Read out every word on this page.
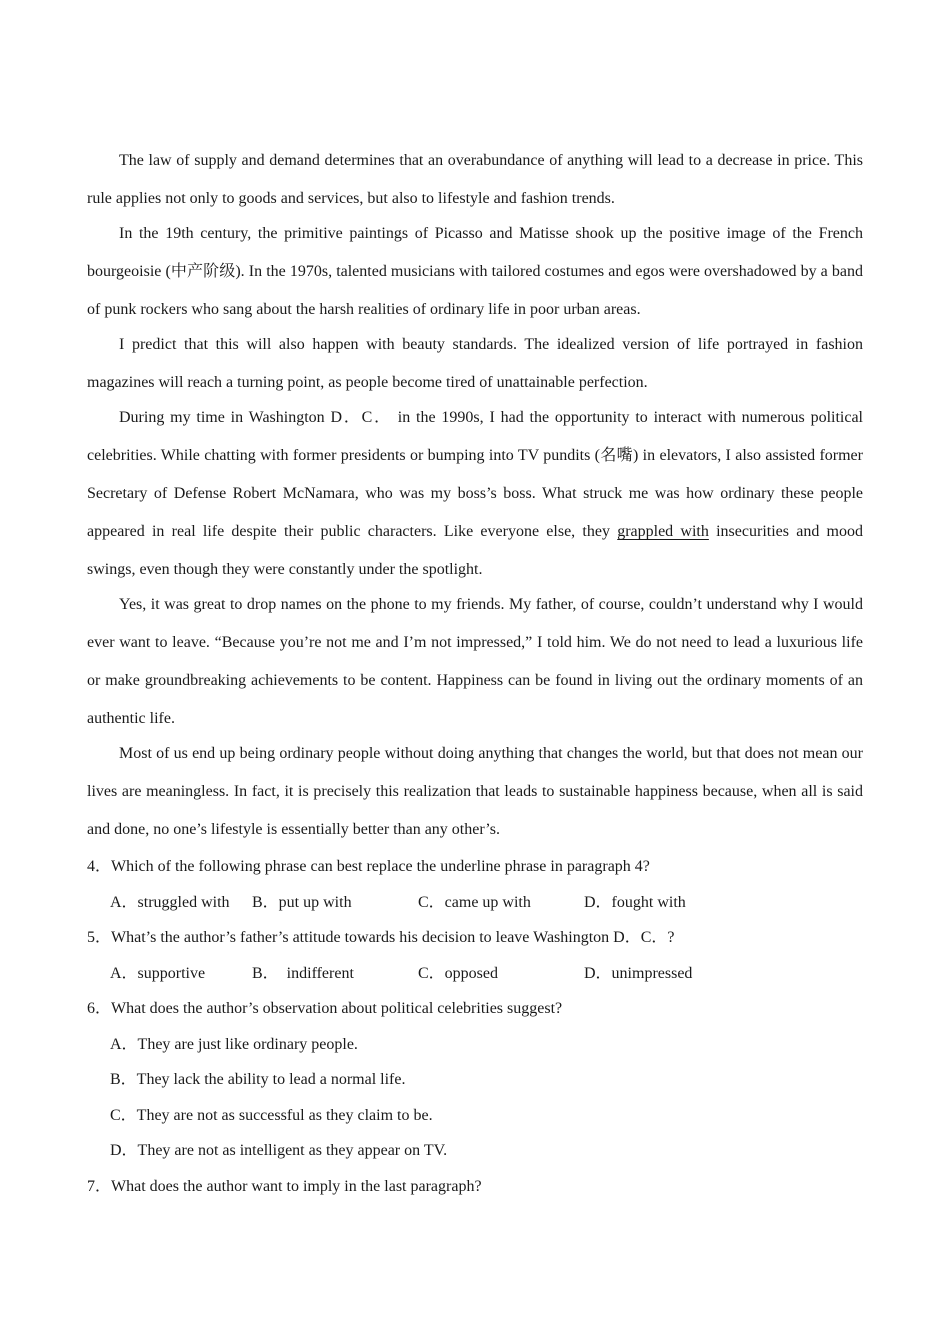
The law of supply and demand determines that an overabundance of anything will lead to a decrease in price. This rule applies not only to goods and services, but also to lifestyle and fashion trends.

In the 19th century, the primitive paintings of Picasso and Matisse shook up the positive image of the French bourgeoisie (中产阶级). In the 1970s, talented musicians with tailored costumes and egos were overshadowed by a band of punk rockers who sang about the harsh realities of ordinary life in poor urban areas.

I predict that this will also happen with beauty standards. The idealized version of life portrayed in fashion magazines will reach a turning point, as people become tired of unattainable perfection.

During my time in Washington D．C． in the 1990s, I had the opportunity to interact with numerous political celebrities. While chatting with former presidents or bumping into TV pundits (名嘴) in elevators, I also assisted former Secretary of Defense Robert McNamara, who was my boss’s boss. What struck me was how ordinary these people appeared in real life despite their public characters. Like everyone else, they grappled with insecurities and mood swings, even though they were constantly under the spotlight.

Yes, it was great to drop names on the phone to my friends. My father, of course, couldn’t understand why I would ever want to leave. “Because you’re not me and I’m not impressed,” I told him. We do not need to lead a luxurious life or make groundbreaking achievements to be content. Happiness can be found in living out the ordinary moments of an authentic life.

Most of us end up being ordinary people without doing anything that changes the world, but that does not mean our lives are meaningless. In fact, it is precisely this realization that leads to sustainable happiness because, when all is said and done, no one’s lifestyle is essentially better than any other’s.

4．Which of the following phrase can best replace the underline phrase in paragraph 4?

A．struggled with	B．put up with	C．came up with	D．fought with

5．What’s the author’s father’s attitude towards his decision to leave Washington D．C．?

A．supportive	B．  indifferent	C．opposed	D．unimpressed

6．What does the author’s observation about political celebrities suggest?

A．They are just like ordinary people.

B．They lack the ability to lead a normal life.

C．They are not as successful as they claim to be.

D．They are not as intelligent as they appear on TV.

7．What does the author want to imply in the last paragraph?
